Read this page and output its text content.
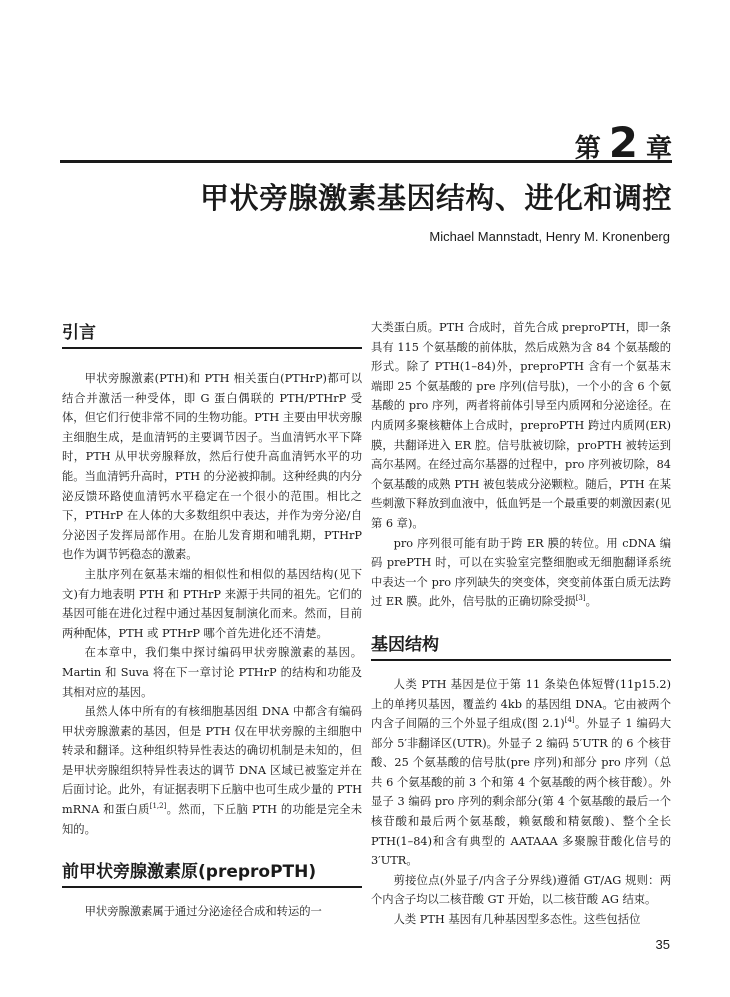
第 2 章
甲状旁腺激素基因结构、进化和调控
Michael Mannstadt, Henry M. Kronenberg
引言

甲状旁腺激素(PTH)和 PTH 相关蛋白(PTHrP)都可以结合并激活一种受体，即 G 蛋白偶联的 PTH/PTHrP 受体，但它们行使非常不同的生物功能。PTH 主要由甲状旁腺主细胞生成，是血清钙的主要调节因子。当血清钙水平下降时，PTH 从甲状旁腺释放，然后行使升高血清钙水平的功能。当血清钙升高时，PTH 的分泌被抑制。这种经典的内分泌反馈环路使血清钙水平稳定在一个很小的范围。相比之下，PTHrP 在人体的大多数组织中表达，并作为旁分泌/自分泌因子发挥局部作用。在胎儿发育期和哺乳期，PTHrP 也作为调节钙稳态的激素。

主肽序列在氨基末端的相似性和相似的基因结构(见下文)有力地表明 PTH 和 PTHrP 来源于共同的祖先。它们的基因可能在进化过程中通过基因复制演化而来。然而，目前两种配体，PTH 或 PTHrP 哪个首先进化还不清楚。

在本章中，我们集中探讨编码甲状旁腺激素的基因。Martin 和 Suva 将在下一章讨论 PTHrP 的结构和功能及其相对应的基因。

虽然人体中所有的有核细胞基因组 DNA 中都含有编码甲状旁腺激素的基因，但是 PTH 仅在甲状旁腺的主细胞中转录和翻译。这种组织特异性表达的确切机制是未知的，但是甲状旁腺组织特异性表达的调节 DNA 区域已被鉴定并在后面讨论。此外，有证据表明下丘脑中也可生成少量的 PTH mRNA 和蛋白质[1,2]。然而，下丘脑 PTH 的功能是完全未知的。

前甲状旁腺激素原(preproPTH)

甲状旁腺激素属于通过分泌途径合成和转运的一

大类蛋白质。PTH 合成时，首先合成 preproPTH，即一条具有 115 个氨基酸的前体肽，然后成熟为含 84 个氨基酸的形式。除了 PTH(1–84)外，preproPTH 含有一个氨基末端即 25 个氨基酸的 pre 序列(信号肽)，一个小的含 6 个氨基酸的 pro 序列，两者将前体引导至内质网和分泌途径。在内质网多聚核糖体上合成时，preproPTH 跨过内质网(ER)膜，共翻译进入 ER 腔。信号肽被切除，proPTH 被转运到高尔基网。在经过高尔基器的过程中，pro 序列被切除，84 个氨基酸的成熟 PTH 被包装成分泌颗粒。随后，PTH 在某些刺激下释放到血液中，低血钙是一个最重要的刺激因素(见第 6 章)。

pro 序列很可能有助于跨 ER 膜的转位。用 cDNA 编码 prePTH 时，可以在实验室完整细胞或无细胞翻译系统中表达一个 pro 序列缺失的突变体，突变前体蛋白质无法跨过 ER 膜。此外，信号肽的正确切除受损[3]。

基因结构

人类 PTH 基因是位于第 11 条染色体短臂(11p15.2)上的单拷贝基因，覆盖约 4kb 的基因组 DNA。它由被两个内含子间隔的三个外显子组成(图 2.1)[4]。外显子 1 编码大部分 5′非翻译区(UTR)。外显子 2 编码 5′UTR 的 6 个核苷酸、25 个氨基酸的信号肽(pre 序列)和部分 pro 序列（总共 6 个氨基酸的前 3 个和第 4 个氨基酸的两个核苷酸）。外显子 3 编码 pro 序列的剩余部分(第 4 个氨基酸的最后一个核苷酸和最后两个氨基酸，赖氨酸和精氨酸)、整个全长 PTH(1–84)和含有典型的 AATAAA 多聚腺苷酸化信号的 3′UTR。

剪接位点(外显子/内含子分界线)遵循 GT/AG 规则：两个内含子均以二核苷酸 GT 开始，以二核苷酸 AG 结束。

人类 PTH 基因有几种基因型多态性。这些包括位

35
